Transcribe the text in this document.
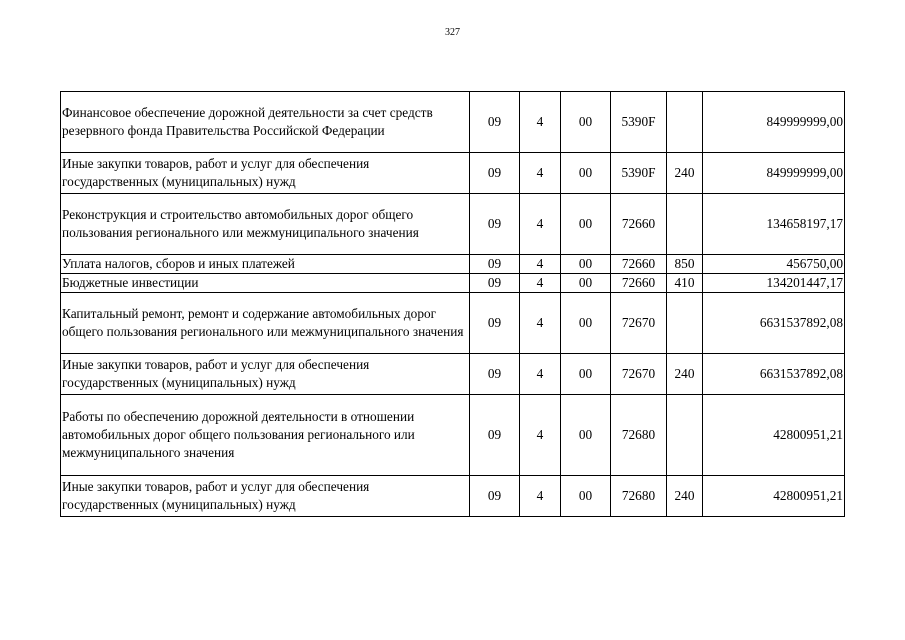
327
Финансовое обеспечение дорожной деятельности за счет средств резервного фонда Правительства Российской Федерации	09	4	00	5390F		849999999,00
Иные закупки товаров, работ и услуг для обеспечения государственных (муниципальных) нужд	09	4	00	5390F	240	849999999,00
Реконструкция и строительство автомобильных дорог общего пользования регионального или межмуниципального значения	09	4	00	72660		134658197,17
Уплата налогов, сборов и иных платежей	09	4	00	72660	850	456750,00
Бюджетные инвестиции	09	4	00	72660	410	134201447,17
Капитальный ремонт, ремонт и содержание автомобильных дорог общего пользования регионального или межмуниципального значения	09	4	00	72670		6631537892,08
Иные закупки товаров, работ и услуг для обеспечения государственных (муниципальных) нужд	09	4	00	72670	240	6631537892,08
Работы по обеспечению дорожной деятельности в отношении автомобильных дорог общего пользования регионального или межмуниципального значения	09	4	00	72680		42800951,21
Иные закупки товаров, работ и услуг для обеспечения государственных (муниципальных) нужд	09	4	00	72680	240	42800951,21
